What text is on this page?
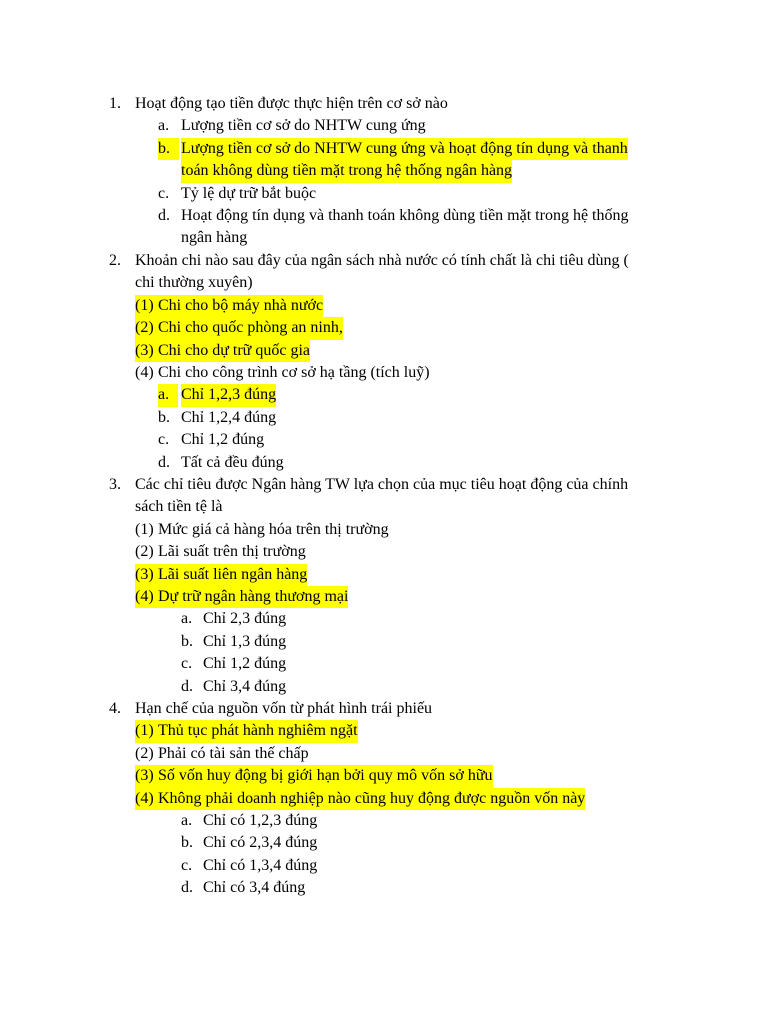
1. Hoạt động tạo tiền được thực hiện trên cơ sở nào
a. Lượng tiền cơ sở do NHTW cung ứng
b. Lượng tiền cơ sở do NHTW cung ứng và hoạt động tín dụng và thanh
toán không dùng tiền mặt trong hệ thống ngân hàng
c. Tỷ lệ dự trữ bắt buộc
d. Hoạt động tín dụng và thanh toán không dùng tiền mặt trong hệ thống
ngân hàng
2. Khoản chi nào sau đây của ngân sách nhà nước có tính chất là chi tiêu dùng (
chi thường xuyên)
(1) Chi cho bộ máy nhà nước
(2) Chi cho quốc phòng an ninh,
(3) Chi cho dự trữ quốc gia
(4) Chi cho công trình cơ sở hạ tầng (tích luỹ)
a. Chỉ 1,2,3 đúng
b. Chỉ 1,2,4 đúng
c. Chỉ 1,2 đúng
d. Tất cả đều đúng
3. Các chỉ tiêu được Ngân hàng TW lựa chọn của mục tiêu hoạt động của chính
sách tiền tệ là
(1) Mức giá cả hàng hóa trên thị trường
(2) Lãi suất trên thị trường
(3) Lãi suất liên ngân hàng
(4) Dự trữ ngân hàng thương mại
a. Chỉ 2,3 đúng
b. Chỉ 1,3 đúng
c. Chỉ 1,2 đúng
d. Chỉ 3,4 đúng
4. Hạn chế của nguồn vốn từ phát hình trái phiếu
(1) Thủ tục phát hành nghiêm ngặt
(2) Phải có tài sản thế chấp
(3) Số vốn huy động bị giới hạn bởi quy mô vốn sở hữu
(4) Không phải doanh nghiệp nào cũng huy động được nguồn vốn này
a. Chỉ có 1,2,3 đúng
b. Chỉ có 2,3,4 đúng
c. Chỉ có 1,3,4 đúng
d. Chỉ có 3,4 đúng
